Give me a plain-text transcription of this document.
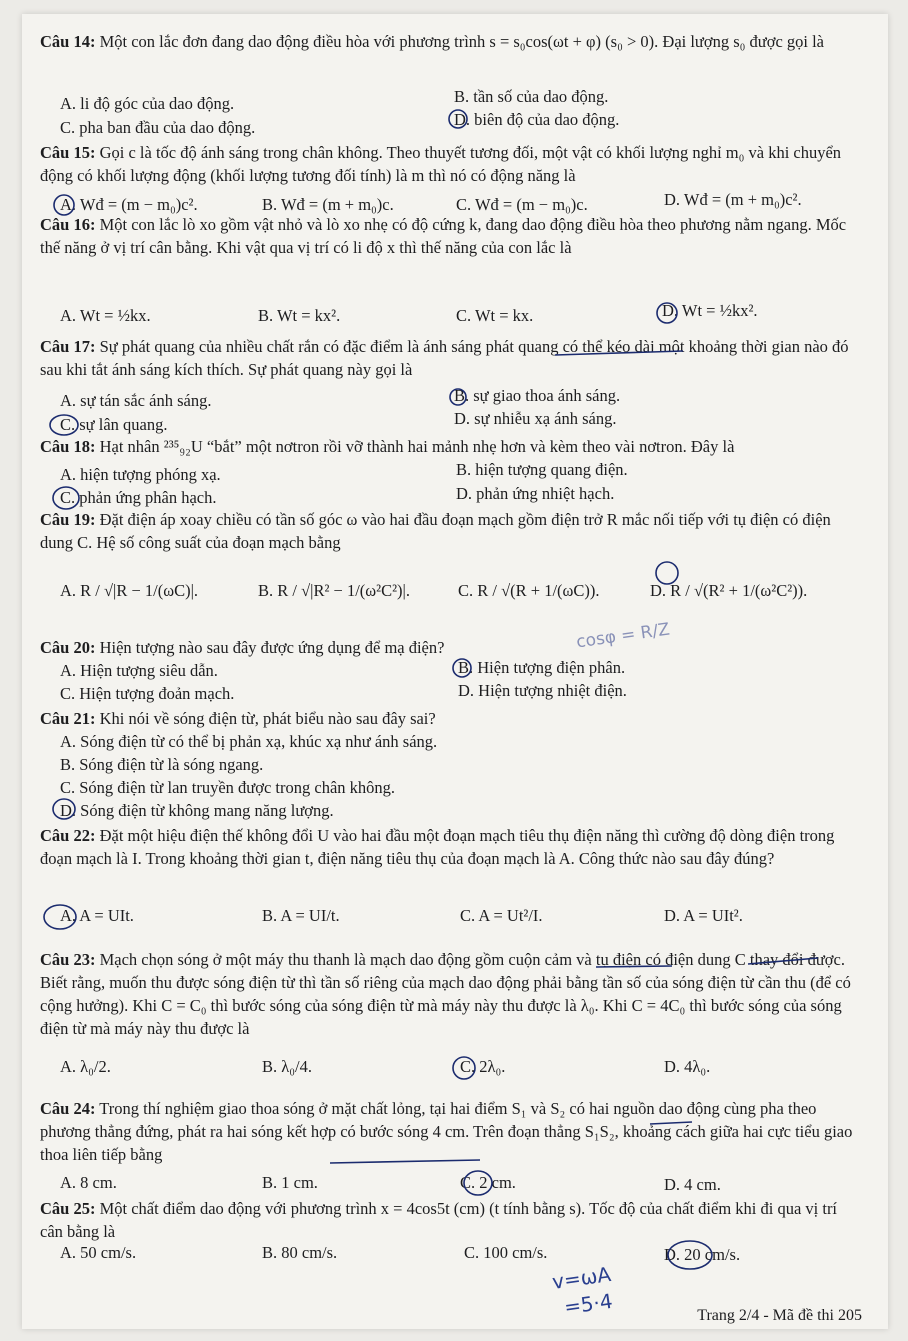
Câu 14: Một con lắc đơn đang dao động điều hòa với phương trình s = s₀cos(ωt + φ) (s₀ > 0). Đại lượng s₀ được gọi là
A. li độ góc của dao động.	B. tần số của dao động.
C. pha ban đầu của dao động.	D. biên độ của dao động.
Câu 15: Gọi c là tốc độ ánh sáng trong chân không. Theo thuyết tương đối, một vật có khối lượng nghỉ m₀ và khi chuyển động có khối lượng động (khối lượng tương đối tính) là m thì nó có động năng là
A. Wđ = (m − m₀)c².	B. Wđ = (m + m₀)c.	C. Wđ = (m − m₀)c.	D. Wđ = (m + m₀)c².
Câu 16: Một con lắc lò xo gồm vật nhỏ và lò xo nhẹ có độ cứng k, đang dao động điều hòa theo phương nằm ngang. Mốc thế năng ở vị trí cân bằng. Khi vật qua vị trí có li độ x thì thế năng của con lắc là
A. Wt = ½kx.	B. Wt = kx².	C. Wt = kx.	D. Wt = ½kx².
Câu 17: Sự phát quang của nhiều chất rắn có đặc điểm là ánh sáng phát quang có thể kéo dài một khoảng thời gian nào đó sau khi tắt ánh sáng kích thích. Sự phát quang này gọi là
A. sự tán sắc ánh sáng.	B. sự giao thoa ánh sáng.
C. sự lân quang.	D. sự nhiễu xạ ánh sáng.
Câu 18: Hạt nhân ²³⁵₉₂U “bắt” một nơtron rồi vỡ thành hai mảnh nhẹ hơn và kèm theo vài nơtron. Đây là
A. hiện tượng phóng xạ.	B. hiện tượng quang điện.
C. phản ứng phân hạch.	D. phản ứng nhiệt hạch.
Câu 19: Đặt điện áp xoay chiều có tần số góc ω vào hai đầu đoạn mạch gồm điện trở R mắc nối tiếp với tụ điện có điện dung C. Hệ số công suất của đoạn mạch bằng
A. R / √|R − 1/(ωC)|.	B. R / √|R² − 1/(ω²C²)|.	C. R / √(R + 1/(ωC)).	D. R / √(R² + 1/(ω²C²)).
Câu 20: Hiện tượng nào sau đây được ứng dụng để mạ điện?
A. Hiện tượng siêu dẫn.	B. Hiện tượng điện phân.
C. Hiện tượng đoản mạch.	D. Hiện tượng nhiệt điện.
Câu 21: Khi nói về sóng điện từ, phát biểu nào sau đây sai?
A. Sóng điện từ có thể bị phản xạ, khúc xạ như ánh sáng.
B. Sóng điện từ là sóng ngang.
C. Sóng điện từ lan truyền được trong chân không.
D. Sóng điện từ không mang năng lượng.
Câu 22: Đặt một hiệu điện thế không đổi U vào hai đầu một đoạn mạch tiêu thụ điện năng thì cường độ dòng điện trong đoạn mạch là I. Trong khoảng thời gian t, điện năng tiêu thụ của đoạn mạch là A. Công thức nào sau đây đúng?
A. A = UIt.	B. A = UI/t.	C. A = Ut²/I.	D. A = UIt².
Câu 23: Mạch chọn sóng ở một máy thu thanh là mạch dao động gồm cuộn cảm và tụ điện có điện dung C thay đổi được. Biết rằng, muốn thu được sóng điện từ thì tần số riêng của mạch dao động phải bằng tần số của sóng điện từ cần thu (để có cộng hưởng). Khi C = C₀ thì bước sóng của sóng điện từ mà máy này thu được là λ₀. Khi C = 4C₀ thì bước sóng của sóng điện từ mà máy này thu được là
A. λ₀/2.	B. λ₀/4.	C. 2λ₀.	D. 4λ₀.
Câu 24: Trong thí nghiệm giao thoa sóng ở mặt chất lỏng, tại hai điểm S₁ và S₂ có hai nguồn dao động cùng pha theo phương thẳng đứng, phát ra hai sóng kết hợp có bước sóng 4 cm. Trên đoạn thẳng S₁S₂, khoảng cách giữa hai cực tiểu giao thoa liên tiếp bằng
A. 8 cm.	B. 1 cm.	C. 2 cm.	D. 4 cm.
Câu 25: Một chất điểm dao động với phương trình x = 4cos5t (cm) (t tính bằng s). Tốc độ của chất điểm khi đi qua vị trí cân bằng là
A. 50 cm/s.	B. 80 cm/s.	C. 100 cm/s.	D. 20 cm/s.
cosφ = R/Z
v=ωA
=5·4	Trang 2/4 - Mã đề thi 205
